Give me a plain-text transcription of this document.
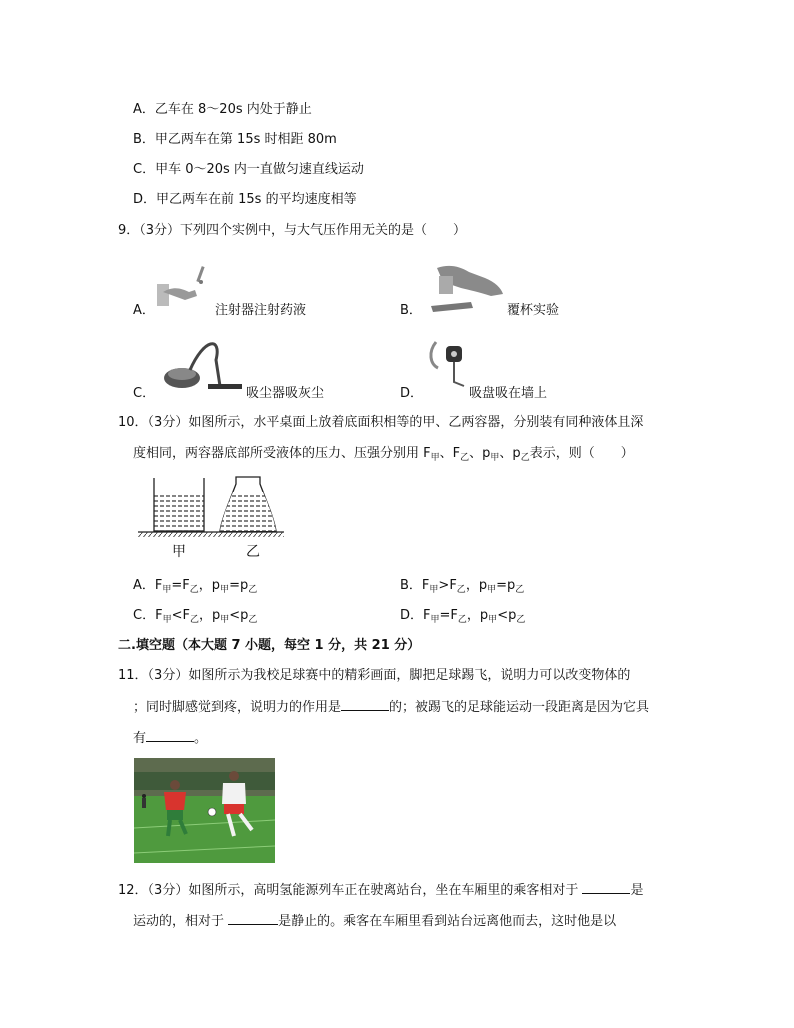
A．乙车在 8～20s 内处于静止
B．甲乙两车在第 15s 时相距 80m
C．甲车 0～20s 内一直做匀速直线运动
D．甲乙两车在前 15s 的平均速度相等
9．（3分）下列四个实例中，与大气压作用无关的是（　　）
A．	注射器注射药液	B．	覆杯实验
C．	吸尘器吸灰尘	D．	吸盘吸在墙上
10．（3分）如图所示，水平桌面上放着底面积相等的甲、乙两容器，分别装有同种液体且深
度相同，两容器底部所受液体的压力、压强分别用 $F_甲$、$F_乙$、$p_甲$、$p_乙$表示，则（　　）
甲	乙
A．$F_甲=F_乙$，$p_甲=p_乙$	B．$F_甲>F_乙$，$p_甲=p_乙$
C．$F_甲<F_乙$，$p_甲<p_乙$	D．$F_甲=F_乙$，$p_甲<p_乙$
二.填空题（本大题 7 小题，每空 1 分，共 21 分）
11．（3分）如图所示为我校足球赛中的精彩画面，脚把足球踢飞，说明力可以改变物体的
；同时脚感觉到疼，说明力的作用是	的；被踢飞的足球能运动一段距离是因为它具
有	。
12．（3分）如图所示，高明氢能源列车正在驶离站台，坐在车厢里的乘客相对于	是
运动的，相对于	是静止的。乘客在车厢里看到站台远离他而去，这时他是以
